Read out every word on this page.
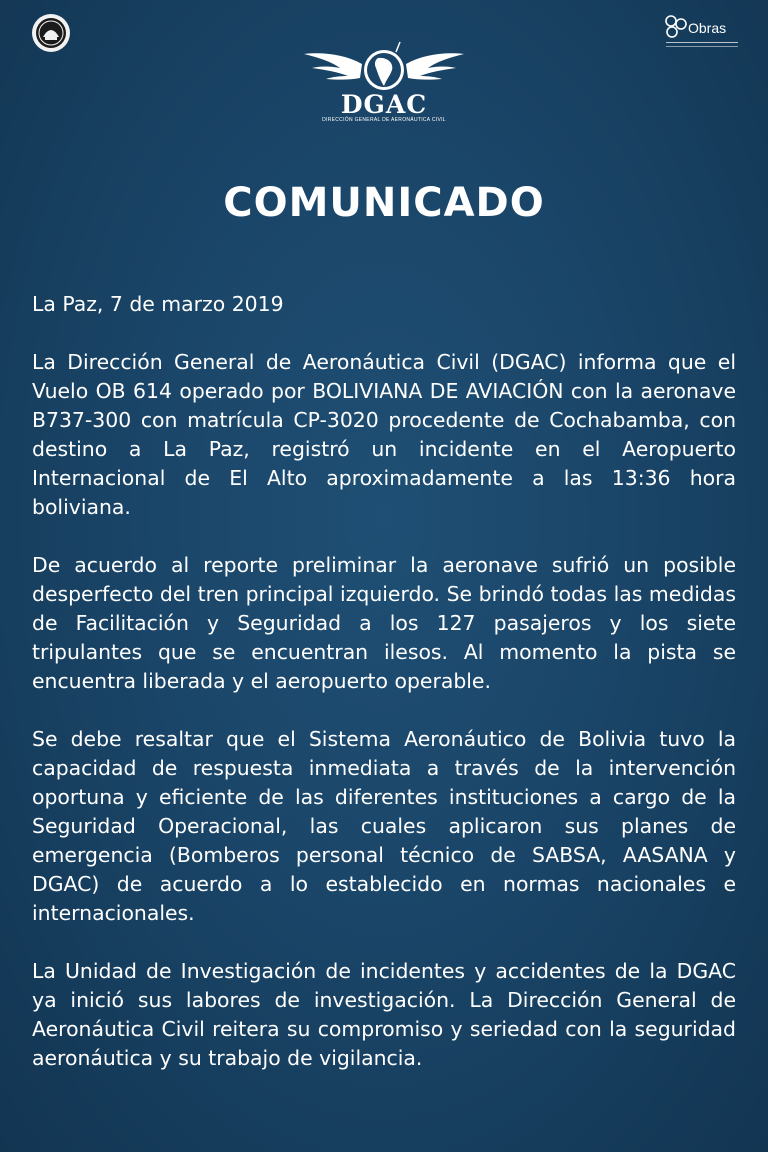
Obras
DGAC
DIRECCIÓN GENERAL DE AERONÁUTICA CIVIL
COMUNICADO

La Paz, 7 de marzo 2019

La Dirección General de Aeronáutica Civil (DGAC) informa que el Vuelo OB 614 operado por BOLIVIANA DE AVIACIÓN con la aeronave B737-300 con matrícula CP-3020 procedente de Cochabamba, con destino a La Paz, registró un incidente en el Aeropuerto Internacional de El Alto aproximadamente a las 13:36 hora boliviana.

De acuerdo al reporte preliminar la aeronave sufrió un posible desperfecto del tren principal izquierdo. Se brindó todas las medidas de Facilitación y Seguridad a los 127 pasajeros y los siete tripulantes que se encuentran ilesos. Al momento la pista se encuentra liberada y el aeropuerto operable.

Se debe resaltar que el Sistema Aeronáutico de Bolivia tuvo la capacidad de respuesta inmediata a través de la intervención oportuna y eficiente de las diferentes instituciones a cargo de la Seguridad Operacional, las cuales aplicaron sus planes de emergencia (Bomberos personal técnico de SABSA, AASANA y DGAC) de acuerdo a lo establecido en normas nacionales e internacionales.

La Unidad de Investigación de incidentes y accidentes de la DGAC ya inició sus labores de investigación. La Dirección General de Aeronáutica Civil reitera su compromiso y seriedad con la seguridad aeronáutica y su trabajo de vigilancia.
